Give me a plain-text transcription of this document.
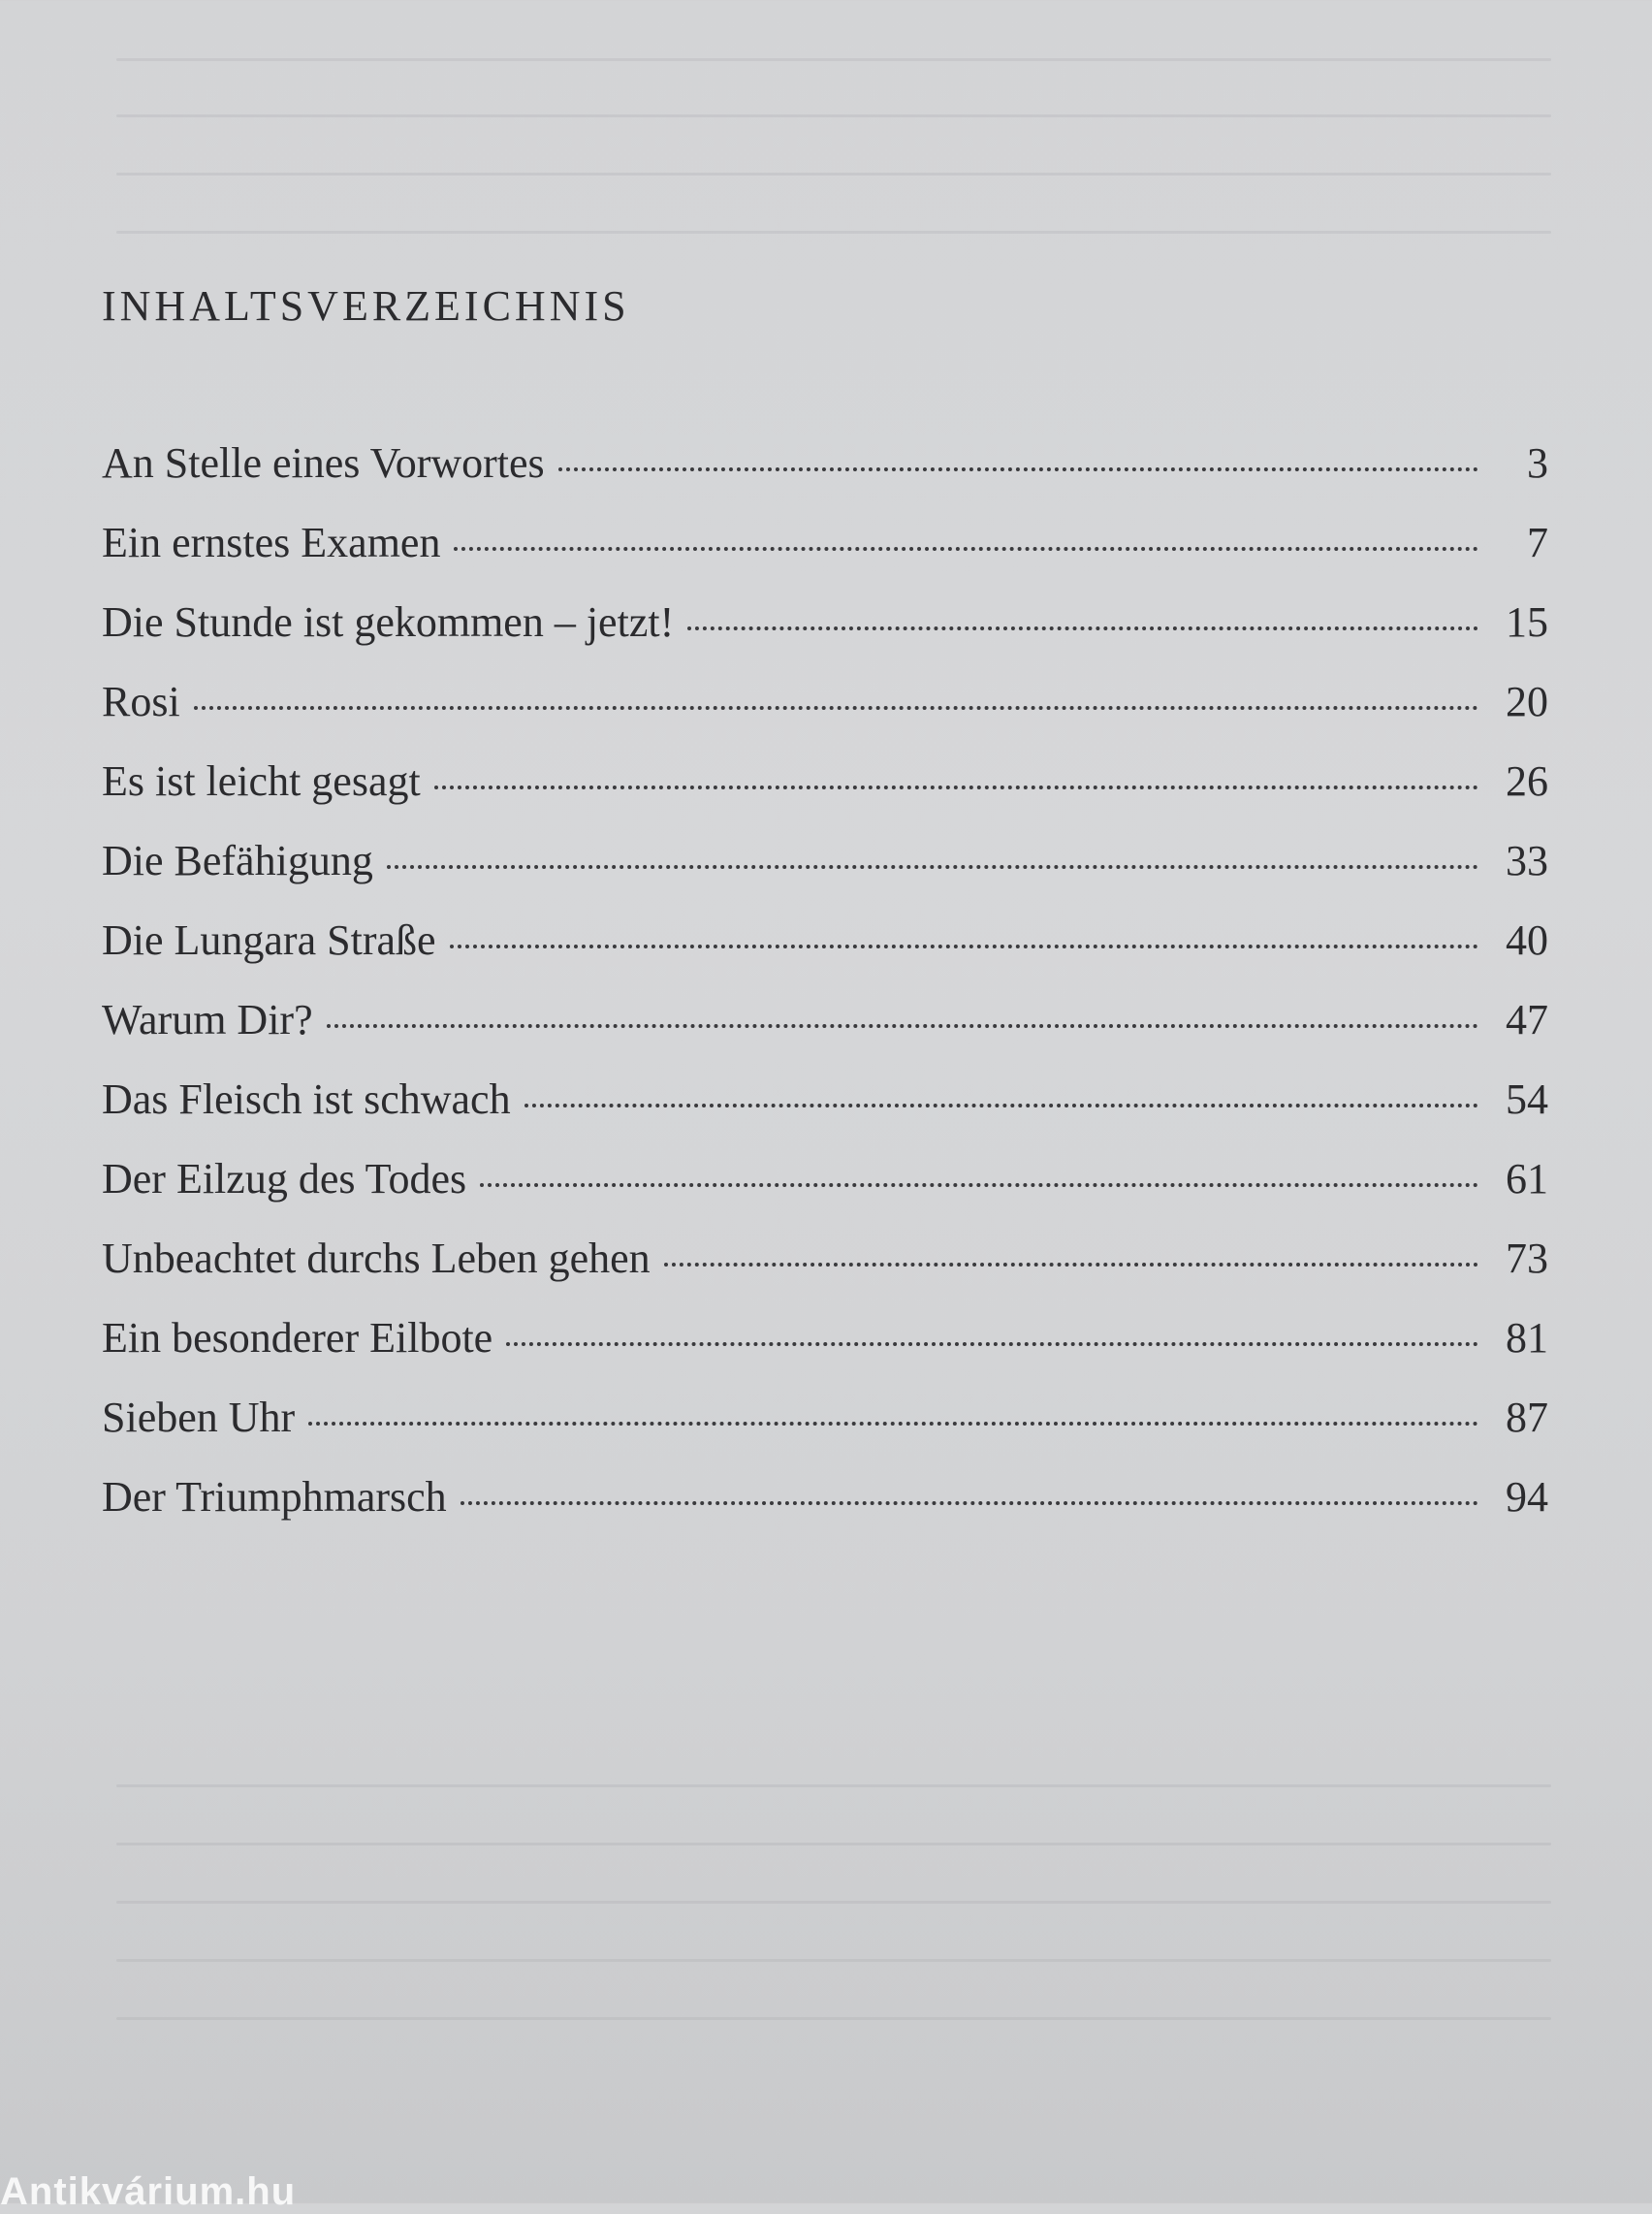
INHALTSVERZEICHNIS
An Stelle eines Vorwortes	3
Ein ernstes Examen	7
Die Stunde ist gekommen – jetzt!	15
Rosi	20
Es ist leicht gesagt	26
Die Befähigung	33
Die Lungara Straße	40
Warum Dir?	47
Das Fleisch ist schwach	54
Der Eilzug des Todes	61
Unbeachtet durchs Leben gehen	73
Ein besonderer Eilbote	81
Sieben Uhr	87
Der Triumphmarsch	94
Antikvárium.hu
